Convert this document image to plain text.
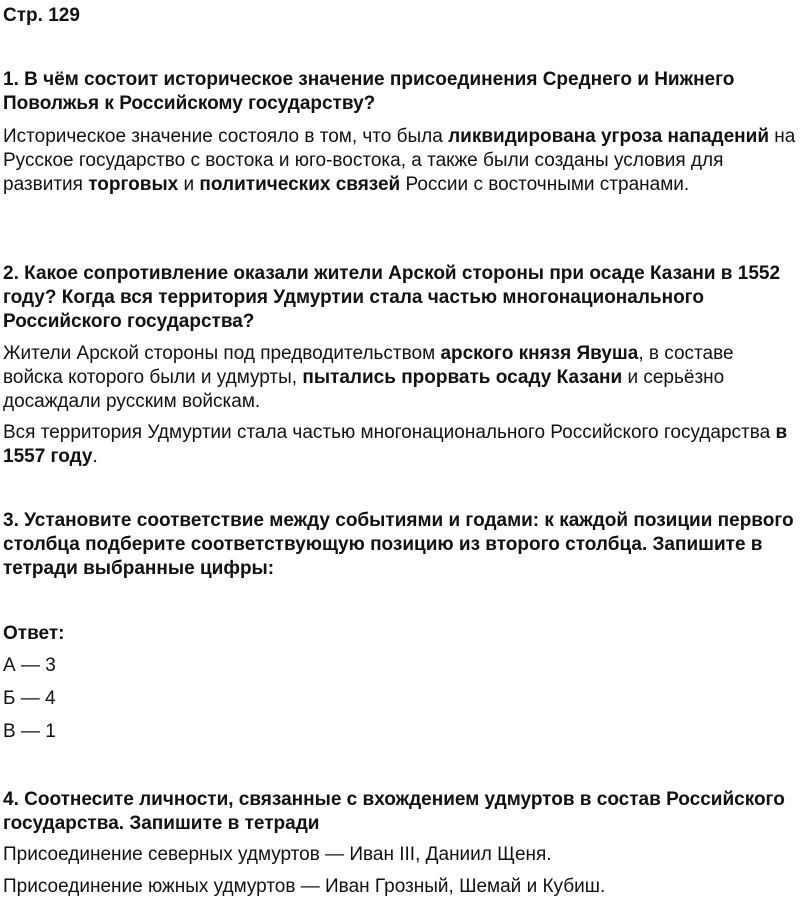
Стр. 129
1. В чём состоит историческое значение присоединения Среднего и Нижнего Поволжья к Российскому государству?
Историческое значение состояло в том, что была ликвидирована угроза нападений на Русское государство с востока и юго-востока, а также были созданы условия для развития торговых и политических связей России с восточными странами.
2. Какое сопротивление оказали жители Арской стороны при осаде Казани в 1552 году? Когда вся территория Удмуртии стала частью многонационального Российского государства?
Жители Арской стороны под предводительством арского князя Явуша, в составе войска которого были и удмурты, пытались прорвать осаду Казани и серьёзно досаждали русским войскам.
Вся территория Удмуртии стала частью многонационального Российского государства в 1557 году.
3. Установите соответствие между событиями и годами: к каждой позиции первого столбца подберите соответствующую позицию из второго столбца. Запишите в тетради выбранные цифры:
Ответ:
А — 3
Б — 4
В — 1
4. Соотнесите личности, связанные с вхождением удмуртов в состав Российского государства. Запишите в тетради
Присоединение северных удмуртов — Иван III, Даниил Щеня.
Присоединение южных удмуртов — Иван Грозный, Шемай и Кубиш.
